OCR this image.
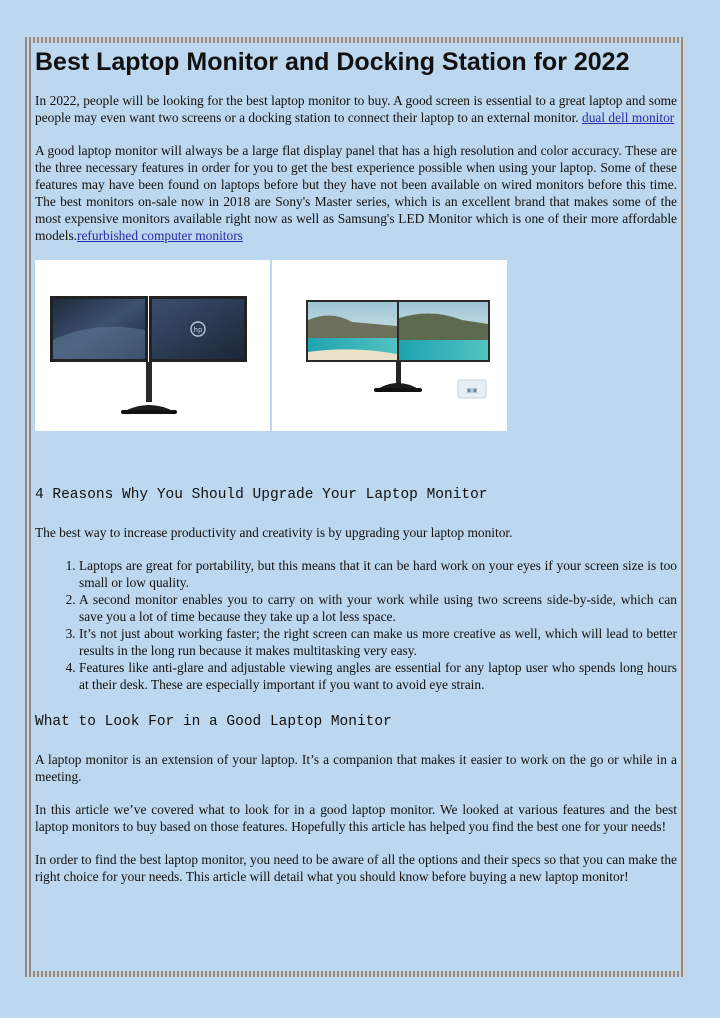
Best Laptop Monitor and Docking Station for 2022

In 2022, people will be looking for the best laptop monitor to buy. A good screen is essential to a great laptop and some people may even want two screens or a docking station to connect their laptop to an external monitor. dual dell monitor

A good laptop monitor will always be a large flat display panel that has a high resolution and color accuracy. These are the three necessary features in order for you to get the best experience possible when using your laptop. Some of these features may have been found on laptops before but they have not been available on wired monitors before this time. The best monitors on-sale now in 2018 are Sony's Master series, which is an excellent brand that makes some of the most expensive monitors available right now as well as Samsung's LED Monitor which is one of their more affordable models.refurbished computer monitors

hp
▣▣
4 Reasons Why You Should Upgrade Your Laptop Monitor

The best way to increase productivity and creativity is by upgrading your laptop monitor.

1. Laptops are great for portability, but this means that it can be hard work on your eyes if your screen size is too small or low quality.
2. A second monitor enables you to carry on with your work while using two screens side-by-side, which can save you a lot of time because they take up a lot less space.
3. It’s not just about working faster; the right screen can make us more creative as well, which will lead to better results in the long run because it makes multitasking very easy.
4. Features like anti-glare and adjustable viewing angles are essential for any laptop user who spends long hours at their desk. These are especially important if you want to avoid eye strain.
What to Look For in a Good Laptop Monitor

A laptop monitor is an extension of your laptop. It’s a companion that makes it easier to work on the go or while in a meeting.

In this article we’ve covered what to look for in a good laptop monitor. We looked at various features and the best laptop monitors to buy based on those features. Hopefully this article has helped you find the best one for your needs!

In order to find the best laptop monitor, you need to be aware of all the options and their specs so that you can make the right choice for your needs. This article will detail what you should know before buying a new laptop monitor!
